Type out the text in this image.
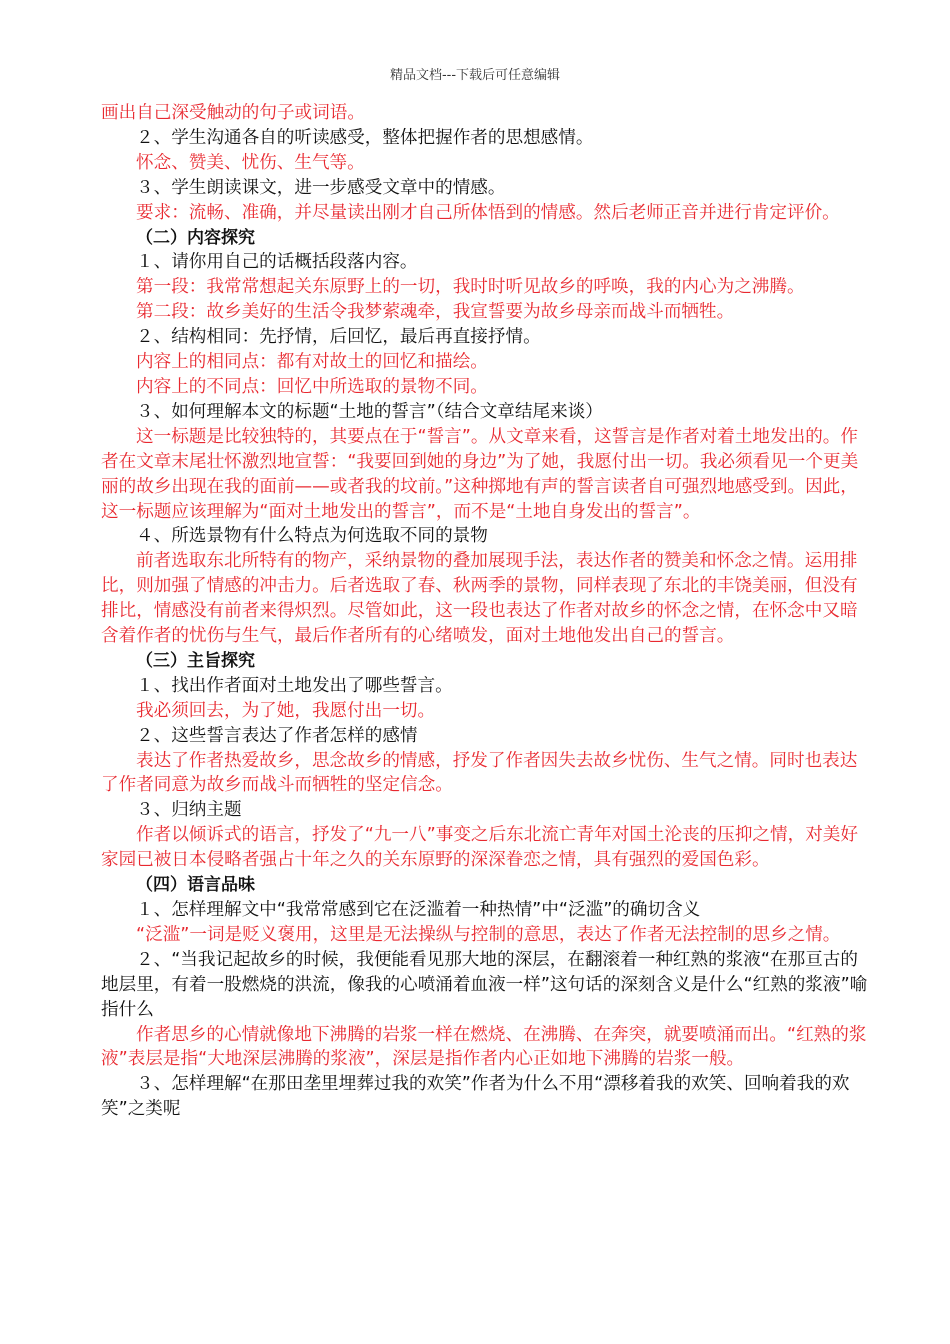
精品文档---下载后可任意编辑

画出自己深受触动的句子或词语。

２、学生沟通各自的听读感受，整体把握作者的思想感情。

怀念、赞美、忧伤、生气等。

３、学生朗读课文，进一步感受文章中的情感。

要求：流畅、准确，并尽量读出刚才自己所体悟到的情感。然后老师正音并进行肯定评价。

（二）内容探究

１、请你用自己的话概括段落内容。

第一段：我常常想起关东原野上的一切，我时时听见故乡的呼唤，我的内心为之沸腾。

第二段：故乡美好的生活令我梦萦魂牵，我宣誓要为故乡母亲而战斗而牺牲。

２、结构相同：先抒情，后回忆，最后再直接抒情。

内容上的相同点：都有对故土的回忆和描绘。

内容上的不同点：回忆中所选取的景物不同。

３、如何理解本文的标题“土地的誓言”（结合文章结尾来谈）

这一标题是比较独特的，其要点在于“誓言”。从文章来看，这誓言是作者对着土地发出的。作者在文章末尾壮怀激烈地宣誓：“我要回到她的身边”为了她，我愿付出一切。我必须看见一个更美丽的故乡出现在我的面前——或者我的坟前。”这种掷地有声的誓言读者自可强烈地感受到。因此，这一标题应该理解为“面对土地发出的誓言”，而不是“土地自身发出的誓言”。

４、所选景物有什么特点为何选取不同的景物

前者选取东北所特有的物产，采纳景物的叠加展现手法，表达作者的赞美和怀念之情。运用排比，则加强了情感的冲击力。后者选取了春、秋两季的景物，同样表现了东北的丰饶美丽，但没有排比，情感没有前者来得炽烈。尽管如此，这一段也表达了作者对故乡的怀念之情，在怀念中又暗含着作者的忧伤与生气，最后作者所有的心绪喷发，面对土地他发出自己的誓言。

（三）主旨探究

１、找出作者面对土地发出了哪些誓言。

我必须回去，为了她，我愿付出一切。

２、这些誓言表达了作者怎样的感情

表达了作者热爱故乡，思念故乡的情感，抒发了作者因失去故乡忧伤、生气之情。同时也表达了作者同意为故乡而战斗而牺牲的坚定信念。

３、归纳主题

作者以倾诉式的语言，抒发了“九一八”事变之后东北流亡青年对国土沦丧的压抑之情，对美好家园已被日本侵略者强占十年之久的关东原野的深深眷恋之情，具有强烈的爱国色彩。

（四）语言品味

１、怎样理解文中“我常常感到它在泛滥着一种热情”中“泛滥”的确切含义

“泛滥”一词是贬义褒用，这里是无法操纵与控制的意思，表达了作者无法控制的思乡之情。

２、“当我记起故乡的时候，我便能看见那大地的深层，在翻滚着一种红熟的浆液“在那亘古的地层里，有着一股燃烧的洪流，像我的心喷涌着血液一样”这句话的深刻含义是什么“红熟的浆液”喻指什么

作者思乡的心情就像地下沸腾的岩浆一样在燃烧、在沸腾、在奔突，就要喷涌而出。“红熟的浆液”表层是指“大地深层沸腾的浆液”，深层是指作者内心正如地下沸腾的岩浆一般。

３、怎样理解“在那田垄里埋葬过我的欢笑”作者为什么不用“漂移着我的欢笑、回响着我的欢笑”之类呢
